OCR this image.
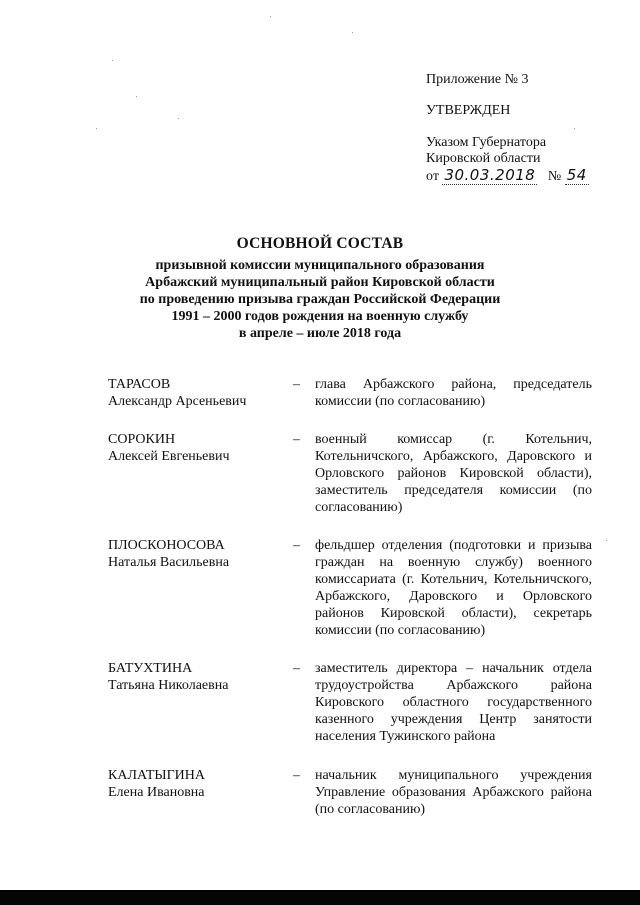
Приложение № 3
УТВЕРЖДЕН
Указом Губернатора
Кировской области
от 30.03.2018 № 54
ОСНОВНОЙ СОСТАВ
призывной комиссии муниципального образования
Арбажский муниципальный район Кировской области
по проведению призыва граждан Российской Федерации
1991 – 2000 годов рождения на военную службу
в апреле – июле 2018 года
ТАРАСОВ
Александр Арсеньевич
–	глава Арбажского района, председатель комиссии (по согласованию)
СОРОКИН
Алексей Евгеньевич
–	военный комиссар (г. Котельнич, Котельничского, Арбажского, Даровского и Орловского районов Кировской области), заместитель председателя комиссии (по согласованию)
ПЛОСКОНОСОВА
Наталья Васильевна
–	фельдшер отделения (подготовки и призыва граждан на военную службу) военного комиссариата (г. Котельнич, Котельничского, Арбажского, Даровского и Орловского районов Кировской области), секретарь комиссии (по согласованию)
БАТУХТИНА
Татьяна Николаевна
–	заместитель директора – начальник отдела трудоустройства Арбажского района Кировского областного государственного казенного учреждения Центр занятости населения Тужинского района
КАЛАТЫГИНА
Елена Ивановна
–	начальник муниципального учреждения Управление образования Арбажского района (по согласованию)
